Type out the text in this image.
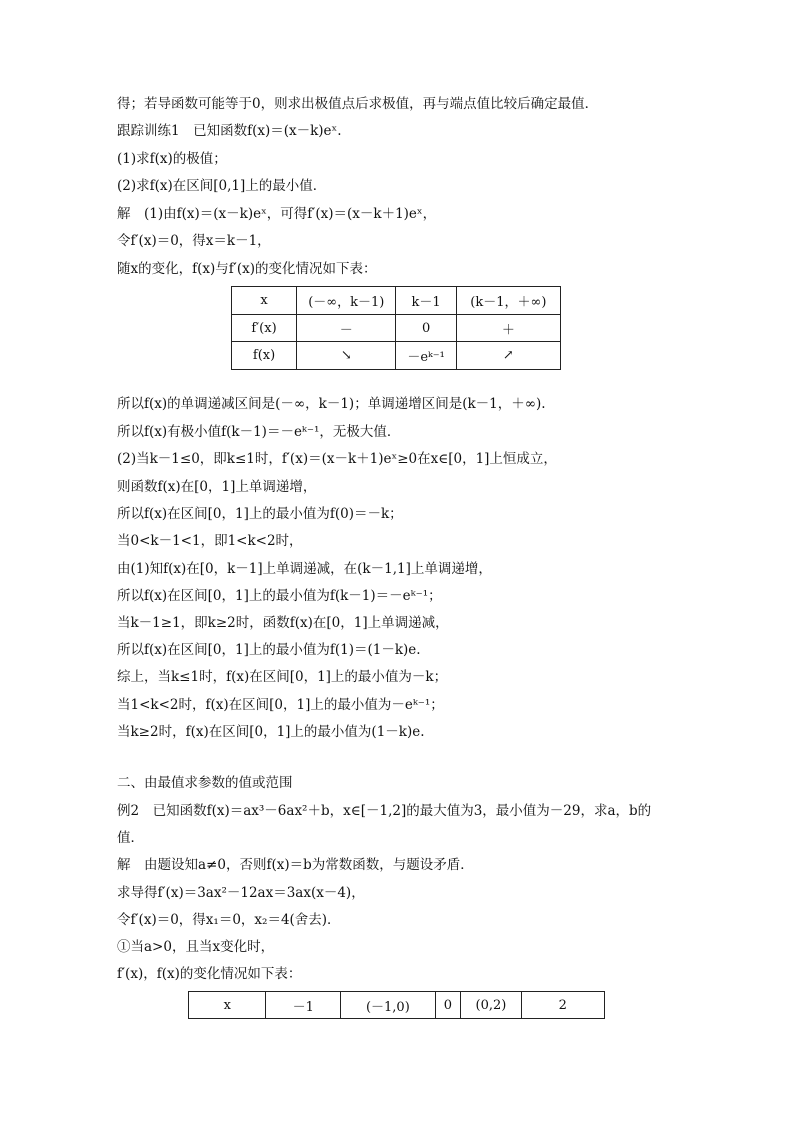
得；若导函数可能等于0，则求出极值点后求极值，再与端点值比较后确定最值．
跟踪训练1　已知函数f(x)＝(x－k)eˣ.
(1)求f(x)的极值；
(2)求f(x)在区间[0,1]上的最小值．
解　(1)由f(x)＝(x－k)eˣ，可得f′(x)＝(x－k＋1)eˣ，
令f′(x)＝0，得x＝k－1，
随x的变化，f(x)与f′(x)的变化情况如下表：
x	(－∞，k－1)	k－1	(k－1，＋∞)
f′(x)	－	0	＋
f(x)	↘	－eᵏ⁻¹	↗
所以f(x)的单调递减区间是(－∞，k－1)；单调递增区间是(k－1，＋∞).
所以f(x)有极小值f(k－1)＝－eᵏ⁻¹，无极大值．
(2)当k－1≤0，即k≤1时，f′(x)＝(x－k＋1)eˣ≥0在x∈[0，1]上恒成立，
则函数f(x)在[0，1]上单调递增，
所以f(x)在区间[0，1]上的最小值为f(0)＝－k；
当0<k－1<1，即1<k<2时，
由(1)知f(x)在[0，k－1]上单调递减，在(k－1,1]上单调递增，
所以f(x)在区间[0，1]上的最小值为f(k－1)＝－eᵏ⁻¹；
当k－1≥1，即k≥2时，函数f(x)在[0，1]上单调递减，
所以f(x)在区间[0，1]上的最小值为f(1)＝(1－k)e.
综上，当k≤1时，f(x)在区间[0，1]上的最小值为－k；
当1<k<2时，f(x)在区间[0，1]上的最小值为－eᵏ⁻¹；
当k≥2时，f(x)在区间[0，1]上的最小值为(1－k)e.
二、由最值求参数的值或范围
例2　已知函数f(x)＝ax³－6ax²＋b，x∈[－1,2]的最大值为3，最小值为－29，求a，b的
值．
解　由题设知a≠0，否则f(x)＝b为常数函数，与题设矛盾．
求导得f′(x)＝3ax²－12ax＝3ax(x－4)，
令f′(x)＝0，得x₁＝0，x₂＝4(舍去)．
①当a>0，且当x变化时，
f′(x)，f(x)的变化情况如下表：
x	－1	(－1,0)	0	(0,2)	2
